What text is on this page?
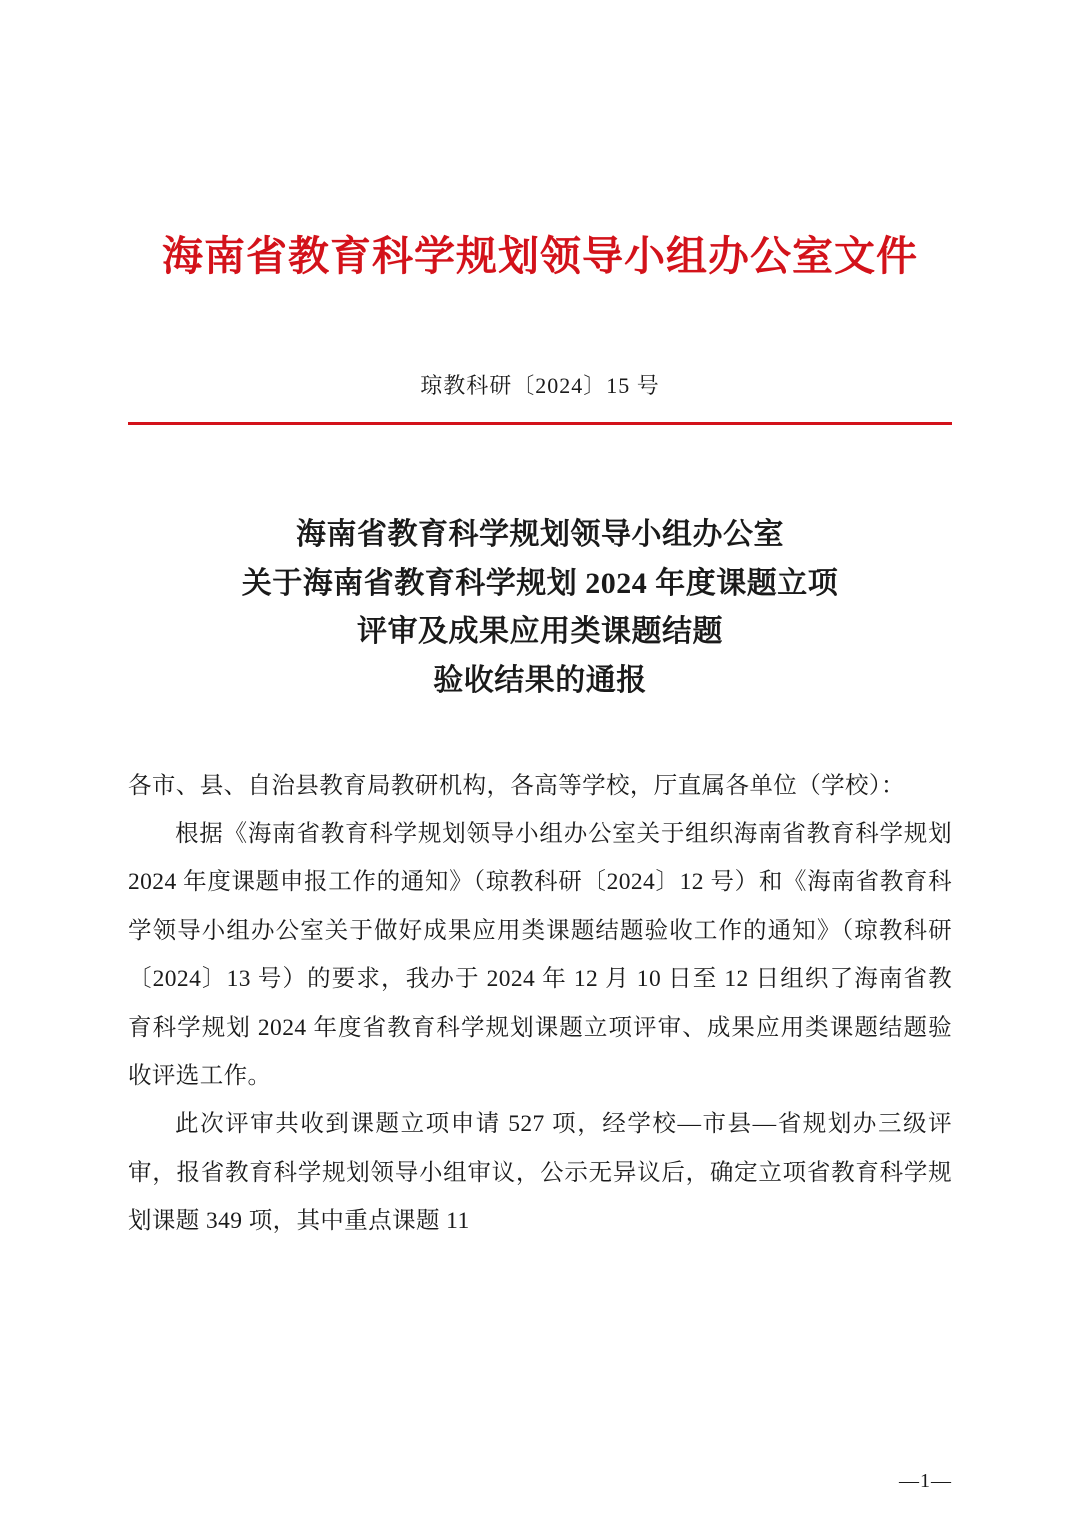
海南省教育科学规划领导小组办公室文件
琼教科研〔2024〕15 号
海南省教育科学规划领导小组办公室
关于海南省教育科学规划 2024 年度课题立项
评审及成果应用类课题结题
验收结果的通报

各市、县、自治县教育局教研机构，各高等学校，厅直属各单位（学校）：

根据《海南省教育科学规划领导小组办公室关于组织海南省教育科学规划 2024 年度课题申报工作的通知》（琼教科研〔2024〕12 号）和《海南省教育科学领导小组办公室关于做好成果应用类课题结题验收工作的通知》（琼教科研〔2024〕13 号）的要求，我办于 2024 年 12 月 10 日至 12 日组织了海南省教育科学规划 2024 年度省教育科学规划课题立项评审、成果应用类课题结题验收评选工作。

此次评审共收到课题立项申请 527 项，经学校—市县—省规划办三级评审，报省教育科学规划领导小组审议，公示无异议后，确定立项省教育科学规划课题 349 项，其中重点课题 11

—1—
